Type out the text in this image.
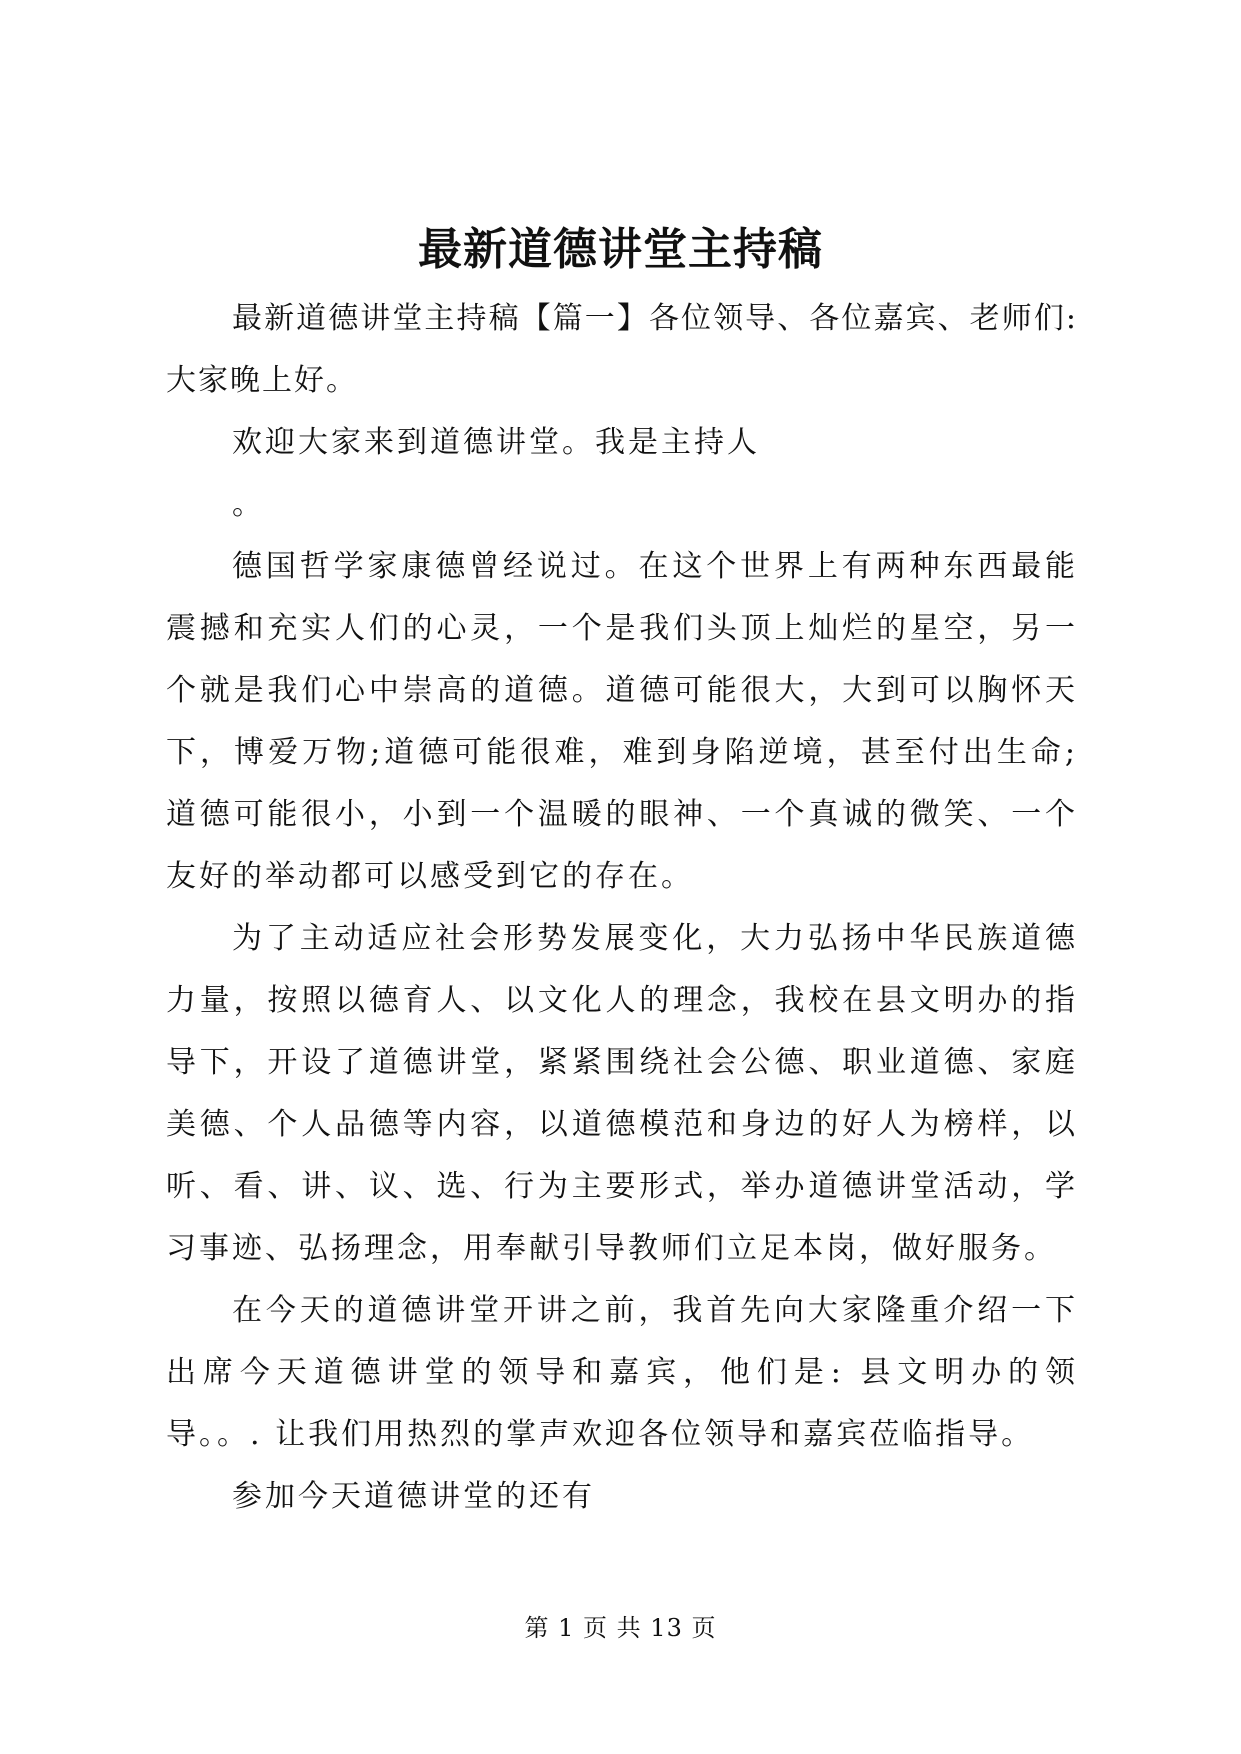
最新道德讲堂主持稿

最新道德讲堂主持稿【篇一】各位领导、各位嘉宾、老师们:大家晚上好。

欢迎大家来到道德讲堂。我是主持人

。

德国哲学家康德曾经说过。在这个世界上有两种东西最能震撼和充实人们的心灵，一个是我们头顶上灿烂的星空，另一个就是我们心中崇高的道德。道德可能很大，大到可以胸怀天下，博爱万物;道德可能很难，难到身陷逆境，甚至付出生命;道德可能很小，小到一个温暖的眼神、一个真诚的微笑、一个友好的举动都可以感受到它的存在。

为了主动适应社会形势发展变化，大力弘扬中华民族道德力量，按照以德育人、以文化人的理念，我校在县文明办的指导下，开设了道德讲堂，紧紧围绕社会公德、职业道德、家庭美德、个人品德等内容，以道德模范和身边的好人为榜样，以听、看、讲、议、选、行为主要形式，举办道德讲堂活动，学习事迹、弘扬理念，用奉献引导教师们立足本岗，做好服务。

在今天的道德讲堂开讲之前，我首先向大家隆重介绍一下出席今天道德讲堂的领导和嘉宾，他们是: 县文明办的领导。。. 让我们用热烈的掌声欢迎各位领导和嘉宾莅临指导。

参加今天道德讲堂的还有

第 1 页 共 13 页
